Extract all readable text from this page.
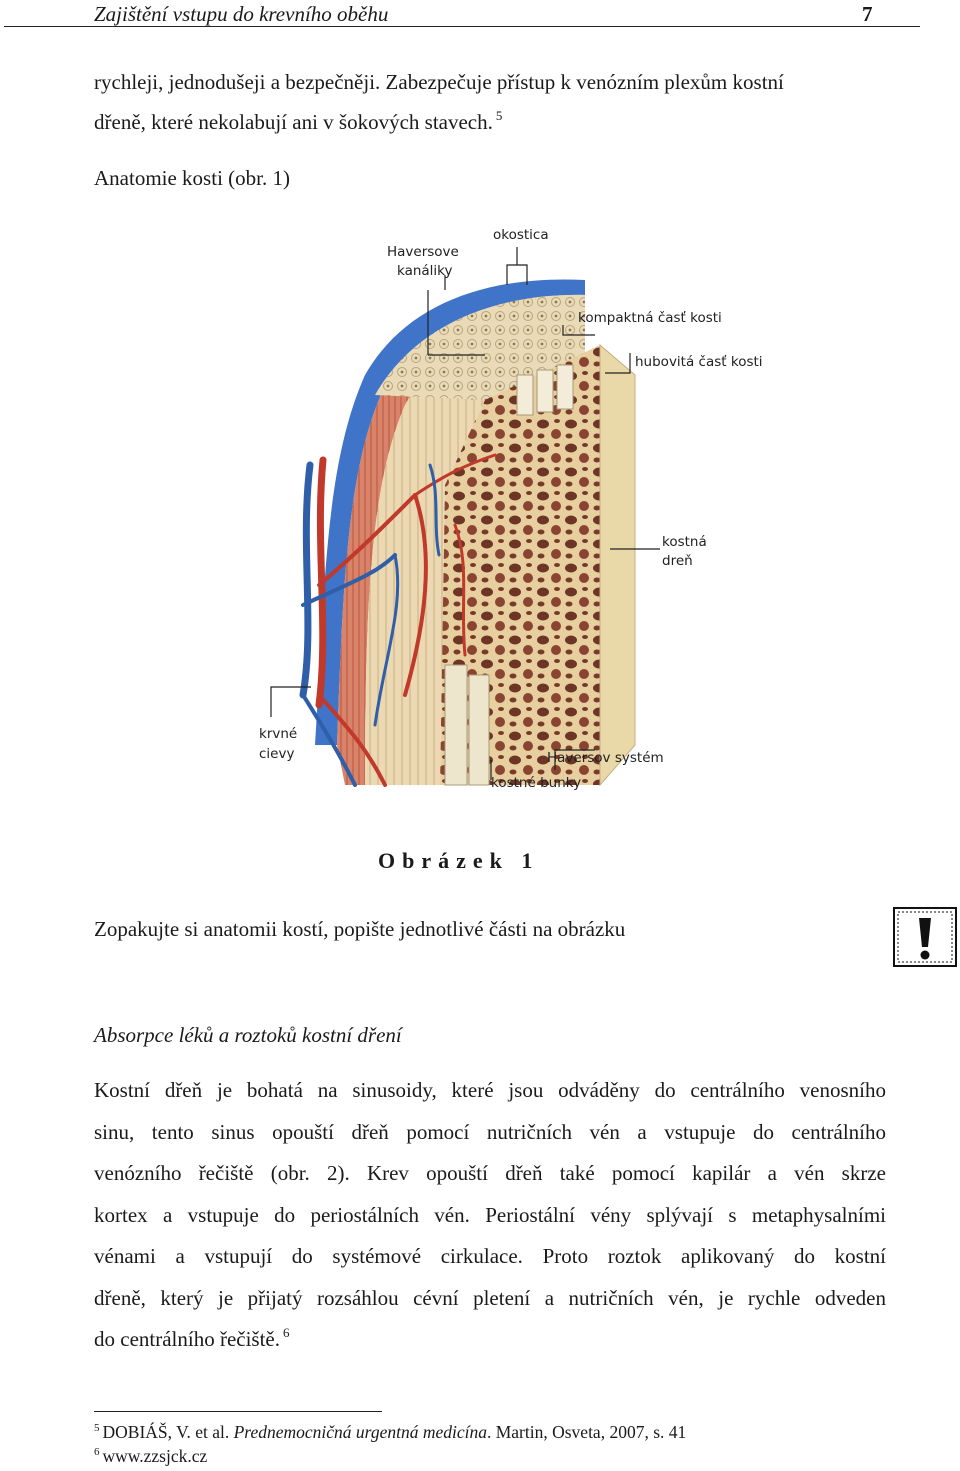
Zajištění vstupu do krevního oběhu	7
rychleji, jednodušeji a bezpečněji. Zabezpečuje přístup k venózním plexům kostní
dřeně, které nekolabují ani v šokových stavech. $^5$
Anatomie kosti (obr. 1)
Haversove
kanáliky
okostica
kompaktná časť kosti
hubovitá časť kosti
kostná
dreň
krvné
cievy	Haversov systém
kostné bunky
Obrázek 1
Zopakujte si anatomii kostí, popište jednotlivé části na obrázku
Absorpce léků a roztoků kostní dření
Kostní dřeň je bohatá na sinusoidy, které jsou odváděny do centrálního venosního
sinu, tento sinus opouští dřeň pomocí nutričních vén a vstupuje do centrálního
venózního řečiště (obr. 2). Krev opouští dřeň také pomocí kapilár a vén skrze
kortex a vstupuje do periostálních vén. Periostální vény splývají s metaphysalními
vénami a vstupují do systémové cirkulace. Proto roztok aplikovaný do kostní
dřeně, který je přijatý rozsáhlou cévní pletení a nutričních vén, je rychle odveden
do centrálního řečiště. $^6$
$^5$ DOBIÁŠ, V. et al. Prednemocničná urgentná medicína. Martin, Osveta, 2007, s. 41
$^6$ www.zzsjck.cz
